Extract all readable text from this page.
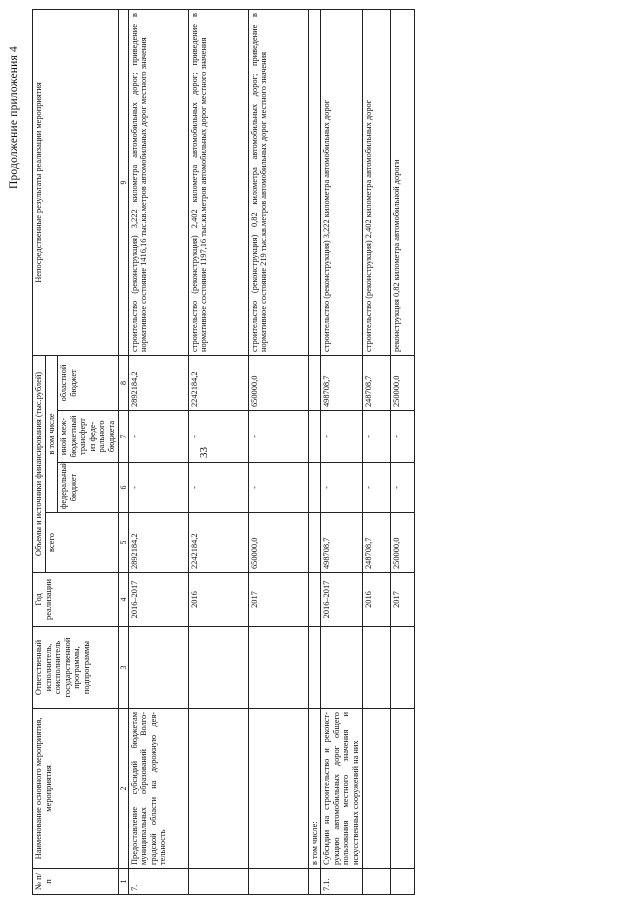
33
Продолжение приложения 4
№ п/п	Наименование основного мероприятия, мероприятия	Ответственный исполнитель, соисполнитель государственной программы, подпрограммы	Год реализации	Объемы и источники финансирования (тыс.рублей)				Непосредственные результаты реализации мероприятия
				всего	в том числе			
					федеральный бюджет	иной меж-бюджетный трансферт из феде-рального бюджета	областной бюджет	
1	2	3	4	5	6	7	8	9
7.	Предоставление субсидий бюджетам муниципальных образований Волго-градской области на дорожную дея-тельность		2016–2017	2892184,2	-	-	2892184,2	строительство (реконструкция) 3,222 километра автомобильных дорог; приведение в нормативное состояние 1416,16 тыс.кв.метров автомобильных дорог местного значения
			2016	2242184,2	-	-	2242184,2	строительство (реконструкция) 2,402 километра автомобильных дорог; приведение в нормативное состояние 1197,16 тыс.кв.метров автомобильных дорог местного значения
			2017	650000,0	-	-	650000,0	строительство (реконструкция) 0,82 километра автомобильных дорог; приведение в нормативное состояние 219 тыс.кв.метров автомобильных дорог местного значения
	в том числе:							
7.1.	Субсидии на строительство и реконст-рукцию автомобильных дорог общего пользования местного значения и искусственных сооружений на них		2016–2017	498708,7	-	-	498708,7	строительство (реконструкция) 3,222 километра автомобильных дорог
			2016	248708,7	-	-	248708,7	строительство (реконструкция) 2,402 километра автомобильных дорог
			2017	250000,0	-	-	250000,0	реконструкция 0,82 километра автомобильной дороги
